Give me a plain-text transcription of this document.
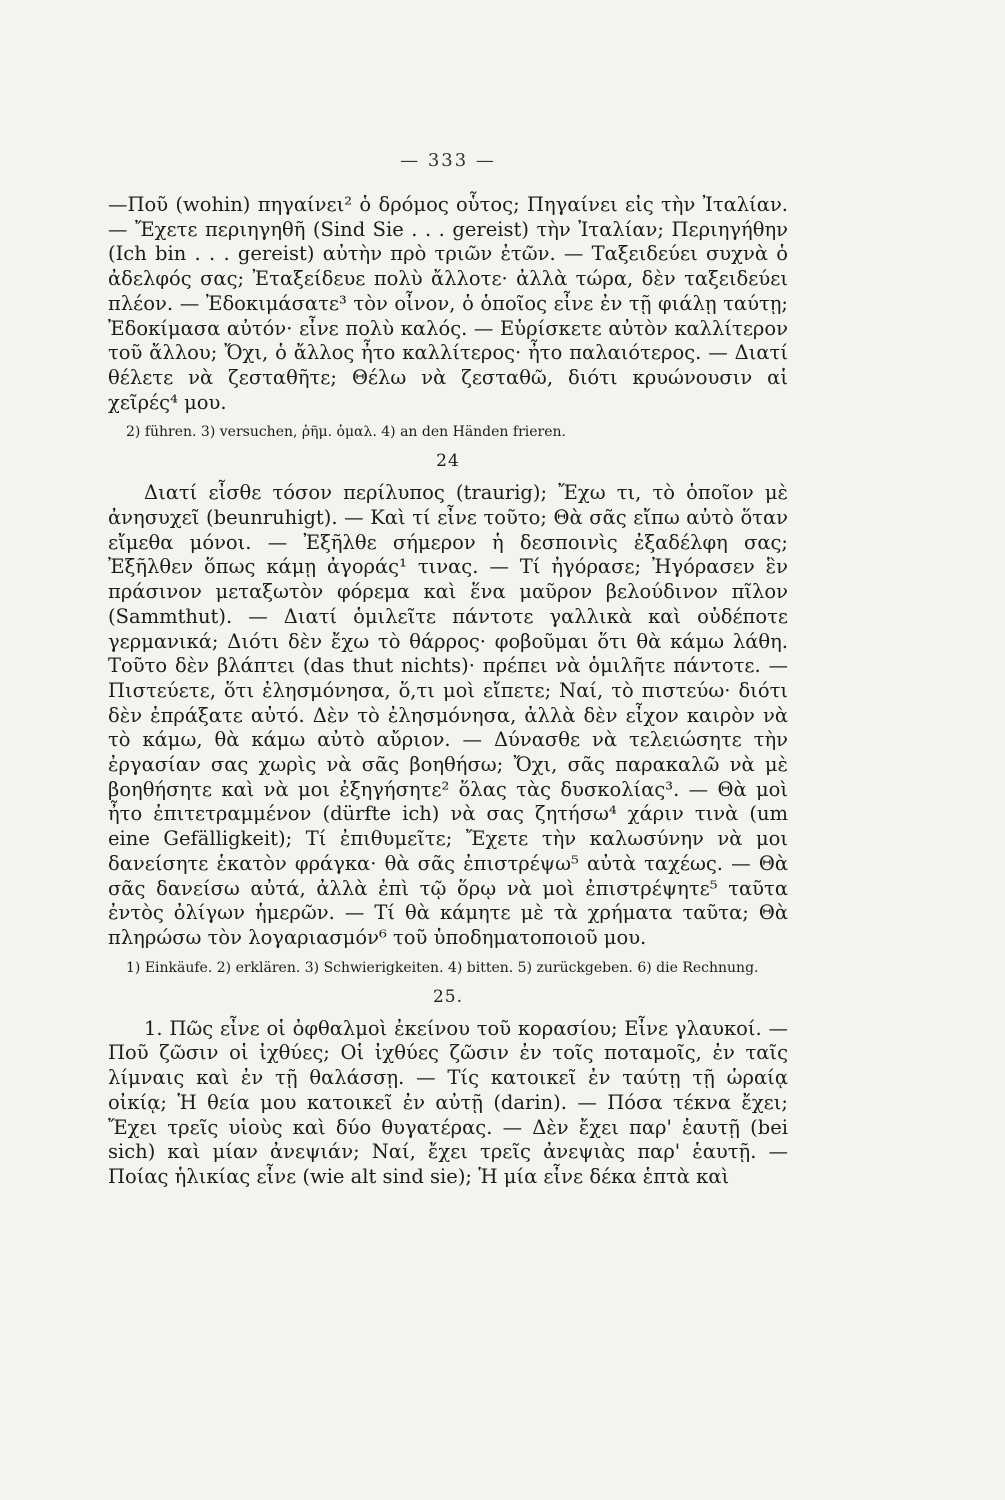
— 333 —

—Ποῦ (wohin) πηγαίνει² ὁ δρόμος οὗτος; Πηγαίνει εἰς τὴν Ἰταλίαν. — Ἔχετε περιηγηθῆ (Sind Sie . . . gereist) τὴν Ἰταλίαν; Περιηγήθην (Ich bin . . . gereist) αὐτὴν πρὸ τριῶν ἐτῶν. — Ταξειδεύει συχνὰ ὁ ἀδελφός σας; Ἐταξείδευε πολὺ ἄλλοτε· ἀλλὰ τώρα, δὲν ταξειδεύει πλέον. — Ἐδοκιμάσατε³ τὸν οἶνον, ὁ ὁποῖος εἶνε ἐν τῇ φιάλῃ ταύτῃ; Ἐδοκίμασα αὐτόν· εἶνε πολὺ καλός. — Εὑρίσκετε αὐτὸν καλλίτερον τοῦ ἄλλου; Ὄχι, ὁ ἄλλος ἦτο καλλίτερος· ἦτο παλαιότερος. — Διατί θέλετε νὰ ζεσταθῆτε; Θέλω νὰ ζεσταθῶ, διότι κρυώνουσιν αἱ χεῖρές⁴ μου.

2) führen. 3) versuchen, ῥῆμ. ὁμαλ. 4) an den Händen frieren.
24

Διατί εἶσθε τόσον περίλυπος (traurig); Ἔχω τι, τὸ ὁποῖον μὲ ἀνησυχεῖ (beunruhigt). — Καὶ τί εἶνε τοῦτο; Θὰ σᾶς εἴπω αὐτὸ ὅταν εἴμεθα μόνοι. — Ἐξῆλθε σήμερον ἡ δεσποινὶς ἐξαδέλφη σας; Ἐξῆλθεν ὅπως κάμῃ ἀγοράς¹ τινας. — Τί ἠγόρασε; Ἠγόρασεν ἓν πράσινον μεταξωτὸν φόρεμα καὶ ἕνα μαῦρον βελούδινον πῖλον (Sammthut). — Διατί ὁμιλεῖτε πάντοτε γαλλικὰ καὶ οὐδέποτε γερμανικά; Διότι δὲν ἔχω τὸ θάρρος· φοβοῦμαι ὅτι θὰ κάμω λάθη. Τοῦτο δὲν βλάπτει (das thut nichts)· πρέπει νὰ ὁμιλῆτε πάντοτε. — Πιστεύετε, ὅτι ἐλησμόνησα, ὅ,τι μοὶ εἴπετε; Ναί, τὸ πιστεύω· διότι δὲν ἐπράξατε αὐτό. Δὲν τὸ ἐλησμόνησα, ἀλλὰ δὲν εἶχον καιρὸν νὰ τὸ κάμω, θὰ κάμω αὐτὸ αὔριον. — Δύνασθε νὰ τελειώσητε τὴν ἐργασίαν σας χωρὶς νὰ σᾶς βοηθήσω; Ὄχι, σᾶς παρακαλῶ νὰ μὲ βοηθήσητε καὶ νὰ μοι ἐξηγήσητε² ὅλας τὰς δυσκολίας³. — Θὰ μοὶ ἦτο ἐπιτετραμμένον (dürfte ich) νὰ σας ζητήσω⁴ χάριν τινὰ (um eine Gefälligkeit); Τί ἐπιθυμεῖτε; Ἔχετε τὴν καλωσύνην νὰ μοι δανείσητε ἑκατὸν φράγκα· θὰ σᾶς ἐπιστρέψω⁵ αὐτὰ ταχέως. — Θὰ σᾶς δανείσω αὐτά, ἀλλὰ ἐπὶ τῷ ὅρῳ νὰ μοὶ ἐπιστρέψητε⁵ ταῦτα ἐντὸς ὀλίγων ἡμερῶν. — Τί θὰ κάμητε μὲ τὰ χρήματα ταῦτα; Θὰ πληρώσω τὸν λογαριασμόν⁶ τοῦ ὑποδηματοποιοῦ μου.

1) Einkäufe. 2) erklären. 3) Schwierigkeiten. 4) bitten. 5) zurückgeben. 6) die Rechnung.
25.

1. Πῶς εἶνε οἱ ὀφθαλμοὶ ἐκείνου τοῦ κορασίου; Εἶνε γλαυκοί. — Ποῦ ζῶσιν οἱ ἰχθύες; Οἱ ἰχθύες ζῶσιν ἐν τοῖς ποταμοῖς, ἐν ταῖς λίμναις καὶ ἐν τῇ θαλάσσῃ. — Τίς κατοικεῖ ἐν ταύτῃ τῇ ὡραίᾳ οἰκίᾳ; Ἡ θεία μου κατοικεῖ ἐν αὐτῇ (darin). — Πόσα τέκνα ἔχει; Ἔχει τρεῖς υἱοὺς καὶ δύο θυγατέρας. — Δὲν ἔχει παρ' ἑαυτῇ (bei sich) καὶ μίαν ἀνεψιάν; Ναί, ἔχει τρεῖς ἀνεψιὰς παρ' ἑαυτῇ. — Ποίας ἡλικίας εἶνε (wie alt sind sie); Ἡ μία εἶνε δέκα ἑπτὰ καὶ
